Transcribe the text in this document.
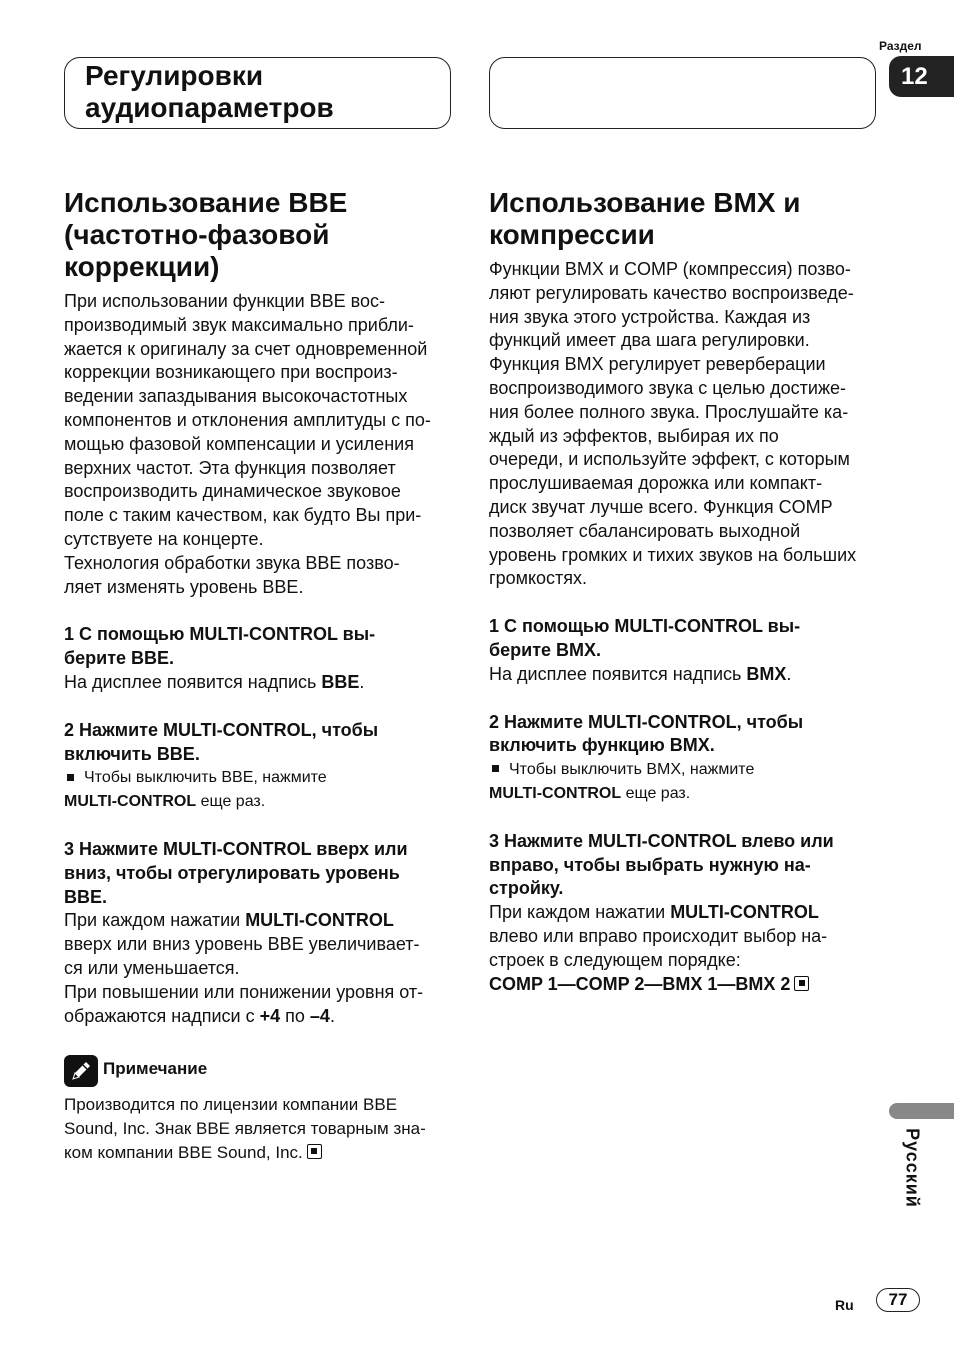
Регулировки
аудиопараметров
Раздел
12
Использование BBE
(частотно-фазовой
коррекции)

При использовании функции BBE вос-

производимый звук максимально прибли-

жается к оригиналу за счет одновременной

коррекции возникающего при воспроиз-

ведении запаздывания высокочастотных

компонентов и отклонения амплитуды с по-

мощью фазовой компенсации и усиления

верхних частот. Эта функция позволяет

воспроизводить динамическое звуковое

поле с таким качеством, как будто Вы при-

сутствуете на концерте.

Технология обработки звука BBE позво-

ляет изменять уровень BBE.

1 С помощью MULTI-CONTROL вы-

берите BBE.

На дисплее появится надпись BBE.

2 Нажмите MULTI-CONTROL, чтобы

включить BBE.

Чтобы выключить BBE, нажмите

MULTI-CONTROL еще раз.

3 Нажмите MULTI-CONTROL вверх или

вниз, чтобы отрегулировать уровень

BBE.

При каждом нажатии MULTI-CONTROL

вверх или вниз уровень BBE увеличивает-

ся или уменьшается.

При повышении или понижении уровня от-

ображаются надписи с +4 по –4.

Примечание

Производится по лицензии компании BBE

Sound, Inc. Знак BBE является товарным зна-

ком компании BBE Sound, Inc.

Использование BMX и
компрессии

Функции BMX и COMP (компрессия) позво-

ляют регулировать качество воспроизведе-

ния звука этого устройства. Каждая из

функций имеет два шага регулировки.

Функция BMX регулирует реверберации

воспроизводимого звука с целью достиже-

ния более полного звука. Прослушайте ка-

ждый из эффектов, выбирая их по

очереди, и используйте эффект, с которым

прослушиваемая дорожка или компакт-

диск звучат лучше всего. Функция COMP

позволяет сбалансировать выходной

уровень громких и тихих звуков на больших

громкостях.

1 С помощью MULTI-CONTROL вы-

берите BMX.

На дисплее появится надпись BMX.

2 Нажмите MULTI-CONTROL, чтобы

включить функцию BMX.

Чтобы выключить BMX, нажмите

MULTI-CONTROL еще раз.

3 Нажмите MULTI-CONTROL влево или

вправо, чтобы выбрать нужную на-

стройку.

При каждом нажатии MULTI-CONTROL

влево или вправо происходит выбор на-

строек в следующем порядке:

COMP 1—COMP 2—BMX 1—BMX 2

Русский
Ru	77
